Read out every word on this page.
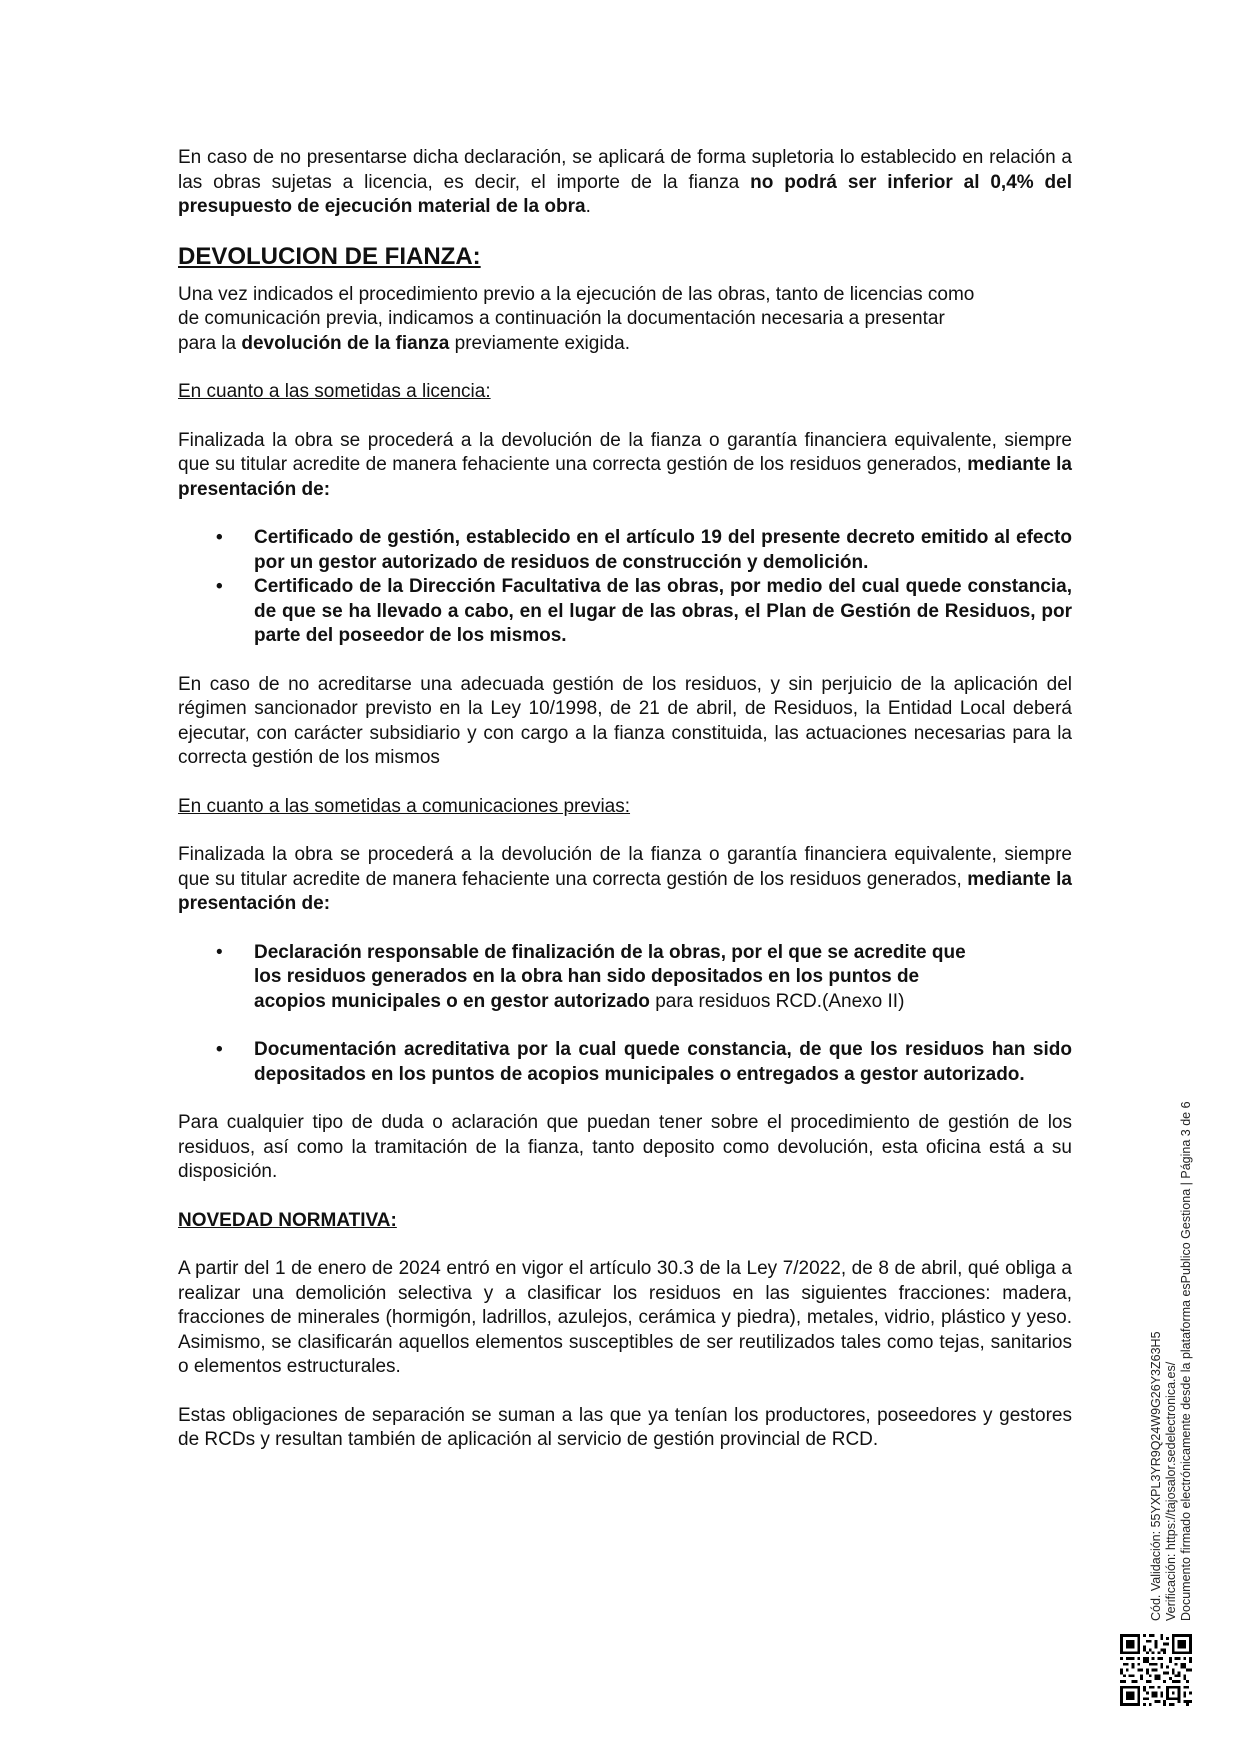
En caso de no presentarse dicha declaración, se aplicará de forma supletoria lo establecido en relación a las obras sujetas a licencia, es decir, el importe de la fianza no podrá ser inferior al 0,4% del presupuesto de ejecución material de la obra.

DEVOLUCION DE FIANZA:

Una vez indicados el procedimiento previo a la ejecución de las obras, tanto de licencias como
de comunicación previa, indicamos a continuación la documentación necesaria a presentar
para la devolución de la fianza previamente exigida.

En cuanto a las sometidas a licencia:

Finalizada la obra se procederá a la devolución de la fianza o garantía financiera equivalente, siempre que su titular acredite de manera fehaciente una correcta gestión de los residuos generados, mediante la presentación de:

• Certificado de gestión, establecido en el artículo 19 del presente decreto emitido al efecto por un gestor autorizado de residuos de construcción y demolición.
• Certificado de la Dirección Facultativa de las obras, por medio del cual quede constancia, de que se ha llevado a cabo, en el lugar de las obras, el Plan de Gestión de Residuos, por parte del poseedor de los mismos.

En caso de no acreditarse una adecuada gestión de los residuos, y sin perjuicio de la aplicación del régimen sancionador previsto en la Ley 10/1998, de 21 de abril, de Residuos, la Entidad Local deberá ejecutar, con carácter subsidiario y con cargo a la fianza constituida, las actuaciones necesarias para la correcta gestión de los mismos

En cuanto a las sometidas a comunicaciones previas:

Finalizada la obra se procederá a la devolución de la fianza o garantía financiera equivalente, siempre que su titular acredite de manera fehaciente una correcta gestión de los residuos generados, mediante la presentación de:

• Declaración responsable de finalización de la obras, por el que se acredite que
los residuos generados en la obra han sido depositados en los puntos de
acopios municipales o en gestor autorizado para residuos RCD.(Anexo II)
• Documentación acreditativa por la cual quede constancia, de que los residuos han sido depositados en los puntos de acopios municipales o entregados a gestor autorizado.

Para cualquier tipo de duda o aclaración que puedan tener sobre el procedimiento de gestión de los residuos, así como la tramitación de la fianza, tanto deposito como devolución, esta oficina está a su disposición.

NOVEDAD NORMATIVA:

A partir del 1 de enero de 2024 entró en vigor el artículo 30.3 de la Ley 7/2022, de 8 de abril, qué obliga a realizar una demolición selectiva y a clasificar los residuos en las siguientes fracciones: madera, fracciones de minerales (hormigón, ladrillos, azulejos, cerámica y piedra), metales, vidrio, plástico y yeso. Asimismo, se clasificarán aquellos elementos susceptibles de ser reutilizados tales como tejas, sanitarios o elementos estructurales.

Estas obligaciones de separación se suman a las que ya tenían los productores, poseedores y gestores de RCDs y resultan también de aplicación al servicio de gestión provincial de RCD.	Cód. Validación: 55YXPL3YR9Q24W9G26Y3Z63H5 Verificación: https://tajosalor.sedelectronica.es/ Documento firmado electrónicamente desde la plataforma esPublico Gestiona | Página 3 de 6
